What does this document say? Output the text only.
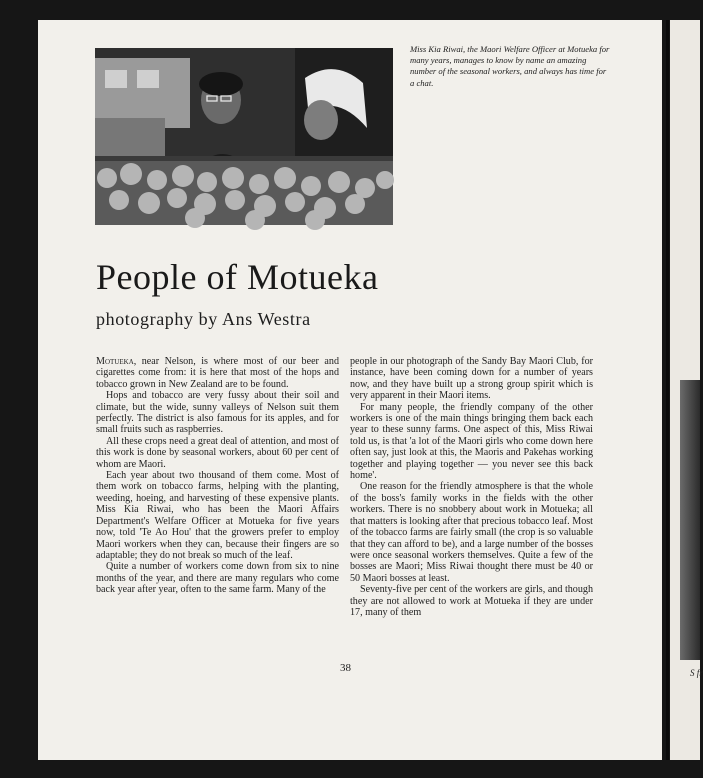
Miss Kia Riwai, the Maori Welfare Officer at Motueka for many years, manages to know by name an amazing number of the seasonal workers, and always has time for a chat.
People of Motueka
photography by Ans Westra

Motueka, near Nelson, is where most of our beer and cigarettes come from: it is here that most of the hops and tobacco grown in New Zealand are to be found.

Hops and tobacco are very fussy about their soil and climate, but the wide, sunny valleys of Nelson suit them perfectly. The district is also famous for its apples, and for small fruits such as raspberries.

All these crops need a great deal of attention, and most of this work is done by seasonal workers, about 60 per cent of whom are Maori.

Each year about two thousand of them come. Most of them work on tobacco farms, helping with the planting, weeding, hoeing, and harvesting of these expensive plants. Miss Kia Riwai, who has been the Maori Affairs Department's Welfare Officer at Motueka for five years now, told 'Te Ao Hou' that the growers prefer to employ Maori workers when they can, because their fingers are so adaptable; they do not break so much of the leaf.

Quite a number of workers come down from six to nine months of the year, and there are many regulars who come back year after year, often to the same farm. Many of the

people in our photograph of the Sandy Bay Maori Club, for instance, have been coming down for a number of years now, and they have built up a strong group spirit which is very apparent in their Maori items.

For many people, the friendly company of the other workers is one of the main things bringing them back each year to these sunny farms. One aspect of this, Miss Riwai told us, is that 'a lot of the Maori girls who come down here often say, just look at this, the Maoris and Pakehas working together and playing together — you never see this back home'.

One reason for the friendly atmosphere is that the whole of the boss's family works in the fields with the other workers. There is no snobbery about work in Motueka; all that matters is looking after that precious tobacco leaf. Most of the tobacco farms are fairly small (the crop is so valuable that they can afford to be), and a large number of the bosses were once seasonal workers themselves. Quite a few of the bosses are Maori; Miss Riwai thought there must be 40 or 50 Maori bosses at least.

Seventy-five per cent of the workers are girls, and though they are not allowed to work at Motueka if they are under 17, many of them

38	S fr
